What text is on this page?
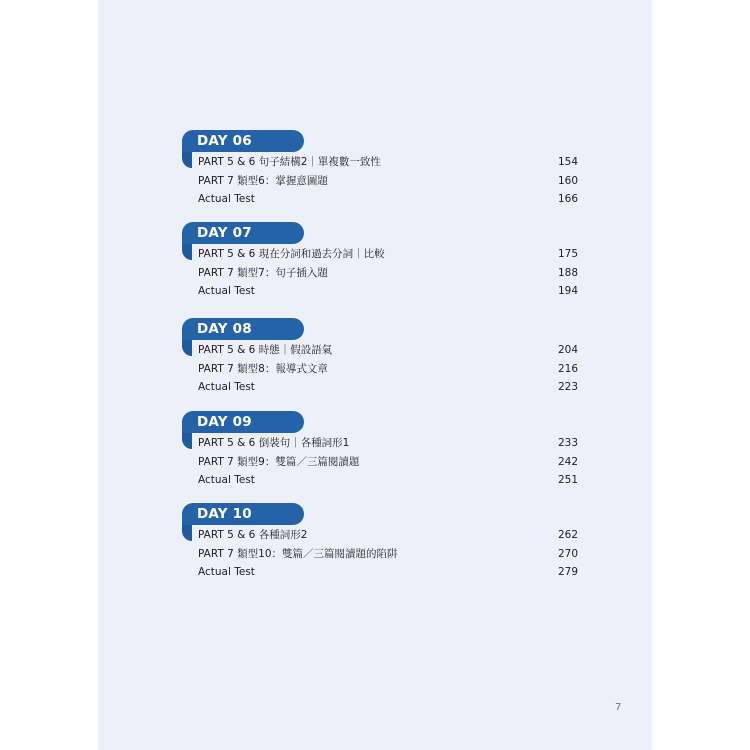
DAY 06
PART 5 & 6 句子結構2｜單複數一致性	154
PART 7 類型6：掌握意圖題	160
Actual Test	166
DAY 07
PART 5 & 6 現在分詞和過去分詞｜比較	175
PART 7 類型7：句子插入題	188
Actual Test	194
DAY 08
PART 5 & 6 時態｜假設語氣	204
PART 7 類型8：報導式文章	216
Actual Test	223
DAY 09
PART 5 & 6 倒裝句｜各種詞形1	233
PART 7 類型9：雙篇／三篇閱讀題	242
Actual Test	251
DAY 10
PART 5 & 6 各種詞形2	262
PART 7 類型10：雙篇／三篇閱讀題的陷阱	270
Actual Test	279
7
